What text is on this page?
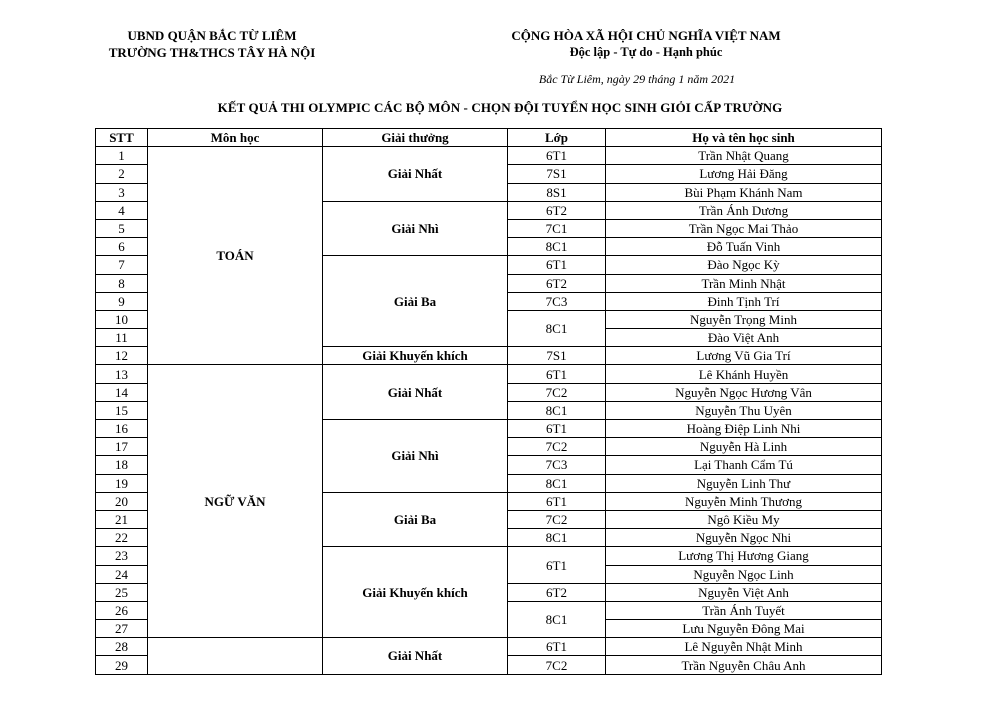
UBND QUẬN BẮC TỪ LIÊM
TRƯỜNG TH&THCS TÂY HÀ NỘI
CỘNG HÒA XÃ HỘI CHỦ NGHĨA VIỆT NAM
Độc lập - Tự do - Hạnh phúc
Bắc Từ Liêm, ngày 29 tháng 1 năm 2021
KẾT QUẢ THI OLYMPIC CÁC BỘ MÔN - CHỌN ĐỘI TUYỂN HỌC SINH GIỎI CẤP TRƯỜNG
STT	Môn học	Giải thưởng	Lớp	Họ và tên học sinh
1	TOÁN	Giải Nhất	6T1	Trần Nhật Quang
2			7S1	Lương Hải Đăng
3			8S1	Bùi Phạm Khánh Nam
4		Giải Nhì	6T2	Trần Ánh Dương
5			7C1	Trần Ngọc Mai Thảo
6			8C1	Đỗ Tuấn Vinh
7		Giải Ba	6T1	Đào Ngọc Kỳ
8			6T2	Trần Minh Nhật
9			7C3	Đinh Tịnh Trí
10			8C1	Nguyễn Trọng Minh
11				Đào Việt Anh
12		Giải Khuyến khích	7S1	Lương Vũ Gia Trí
13	NGỮ VĂN	Giải Nhất	6T1	Lê Khánh Huyền
14			7C2	Nguyễn Ngọc Hương Vân
15			8C1	Nguyễn Thu Uyên
16		Giải Nhì	6T1	Hoàng Điệp Linh Nhi
17			7C2	Nguyễn Hà Linh
18			7C3	Lại Thanh Cẩm Tú
19			8C1	Nguyễn Linh Thư
20		Giải Ba	6T1	Nguyễn Minh Thương
21			7C2	Ngô Kiều My
22			8C1	Nguyễn Ngọc Nhi
23		Giải Khuyến khích	6T1	Lương Thị Hương Giang
24				Nguyễn Ngọc Linh
25			6T2	Nguyễn Việt Anh
26			8C1	Trần Ánh Tuyết
27				Lưu Nguyễn Đông Mai
28		Giải Nhất	6T1	Lê Nguyễn Nhật Minh
29			7C2	Trần Nguyễn Châu Anh
